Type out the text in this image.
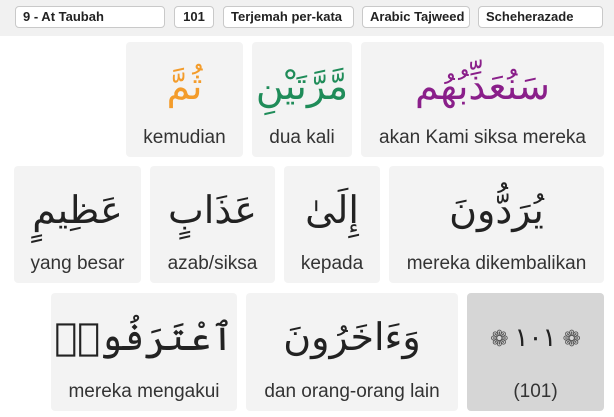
9 - At Taubah	101	Terjemah per-kata	Arabic Tajweed	Scheherazade
ثُمَّ
kemudian
مَّرَّتَيْنِ
dua kali
سَنُعَذِّبُهُم
akan Kami siksa mereka
عَظِيمٍ
yang besar
عَذَابٍ
azab/siksa
إِلَىٰ
kepada
يُرَدُّونَ
mereka dikembalikan
ٱعْتَرَفُوا۟
mereka mengakui
وَءَاخَرُونَ
dan orang-orang lain
❁ ١٠١ ❁
(101)
